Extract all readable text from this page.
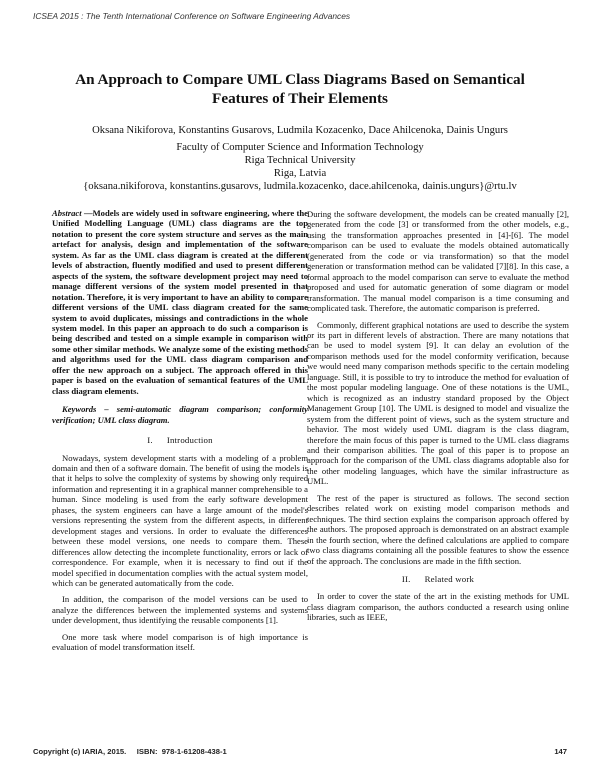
ICSEA 2015 : The Tenth International Conference on Software Engineering Advances
An Approach to Compare UML Class Diagrams Based on Semantical Features of Their Elements
Oksana Nikiforova, Konstantins Gusarovs, Ludmila Kozacenko, Dace Ahilcenoka, Dainis Ungurs
Faculty of Computer Science and Information Technology
Riga Technical University
Riga, Latvia
{oksana.nikiforova, konstantins.gusarovs, ludmila.kozacenko, dace.ahilcenoka, dainis.ungurs}@rtu.lv

Abstract —Models are widely used in software engineering, where the Unified Modelling Language (UML) class diagrams are the top notation to present the core system structure and serves as the main artefact for analysis, design and implementation of the software system. As far as the UML class diagram is created at the different levels of abstraction, fluently modified and used to present different aspects of the system, the software development project may need to manage different versions of the system model presented in that notation. Therefore, it is very important to have an ability to compare different versions of the UML class diagram created for the same system to avoid duplicates, missings and contradictions in the whole system model. In this paper an approach to do such a comparison is being described and tested on a simple example in comparison with some other similar methods. We analyze some of the existing methods and algorithms used for the UML class diagram comparison and offer the new approach on a subject. The approach offered in this paper is based on the evaluation of semantical features of the UML class diagram elements.

Keywords – semi-automatic diagram comparison; conformity verification; UML class diagram.

I. Introduction

Nowadays, system development starts with a modeling of a problem domain and then of a software domain. The benefit of using the models is that it helps to solve the complexity of systems by showing only required information and representing it in a graphical manner comprehensible to a human. Since modeling is used from the early software development phases, the system engineers can have a large amount of the model's versions representing the system from the different aspects, in different development stages and versions. In order to evaluate the differences between these model versions, one needs to compare them. These differences allow detecting the incomplete functionality, errors or lack of correspondence. For example, when it is necessary to find out if the model specified in documentation complies with the actual system model, which can be generated automatically from the code.

In addition, the comparison of the model versions can be used to analyze the differences between the implemented systems and systems under development, thus identifying the reusable components [1].

One more task where model comparison is of high importance is evaluation of model transformation itself.

During the software development, the models can be created manually [2], generated from the code [3] or transformed from the other models, e.g., using the transformation approaches presented in [4]-[6]. The model comparison can be used to evaluate the models obtained automatically (generated from the code or via transformation) so that the model generation or transformation method can be validated [7][8]. In this case, a formal approach to the model comparison can serve to evaluate the method proposed and used for automatic generation of some diagram or model transformation. The manual model comparison is a time consuming and complicated task. Therefore, the automatic comparison is preferred.

Commonly, different graphical notations are used to describe the system or its part in different levels of abstraction. There are many notations that can be used to model system [9]. It can delay an evolution of the comparison methods used for the model conformity verification, because we would need many comparison methods specific to the certain modeling language. Still, it is possible to try to introduce the method for evaluation of the most popular modeling language. One of these notations is the UML, which is recognized as an industry standard proposed by the Object Management Group [10]. The UML is designed to model and visualize the system from the different point of views, such as the system structure and behavior. The most widely used UML diagram is the class diagram, therefore the main focus of this paper is turned to the UML class diagrams and their comparison abilities. The goal of this paper is to propose an approach for the comparison of the UML class diagrams adoptable also for the other modeling languages, which have the similar infrastructure as UML.

The rest of the paper is structured as follows. The second section describes related work on existing model comparison methods and techniques. The third section explains the comparison approach offered by the authors. The proposed approach is demonstrated on an abstract example in the fourth section, where the defined calculations are applied to compare two class diagrams containing all the possible features to show the essence of the approach. The conclusions are made in the fifth section.

II. Related work

In order to cover the state of the art in the existing methods for UML class diagram comparison, the authors conducted a research using online libraries, such as IEEE,

Copyright (c) IARIA, 2015.     ISBN:  978-1-61208-438-1	147
